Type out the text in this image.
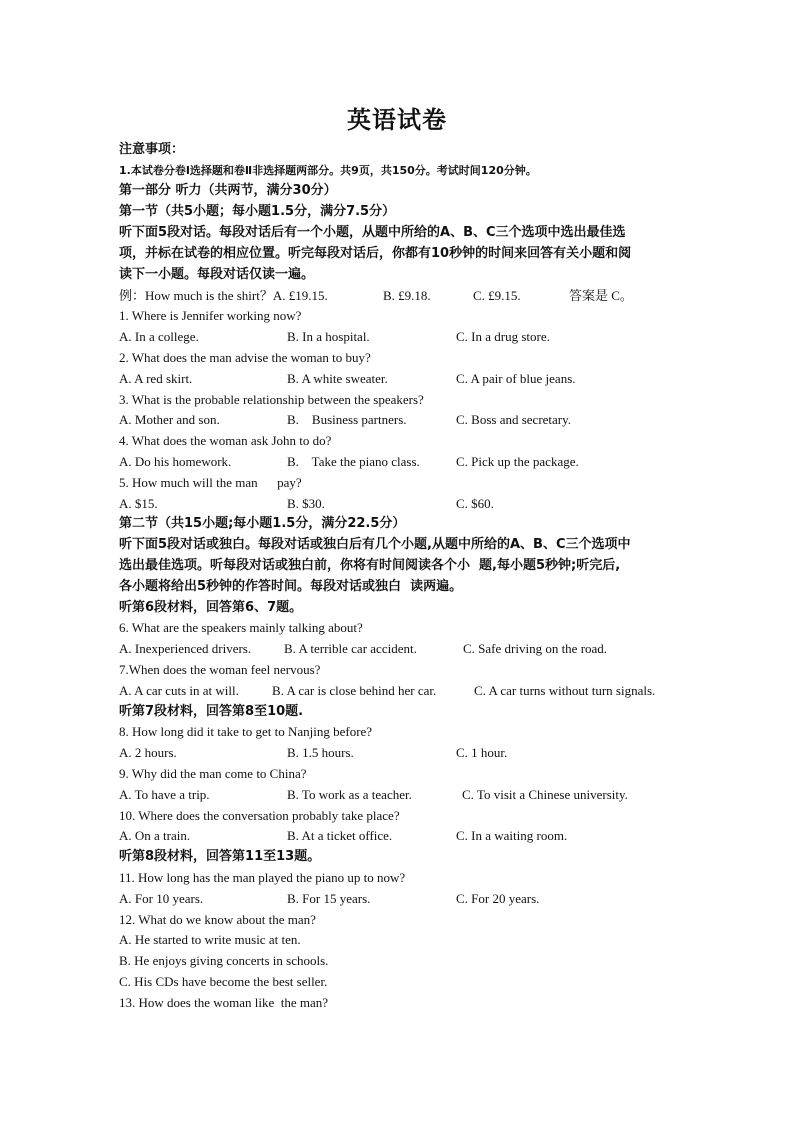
英语试卷
注意事项：
1.本试卷分卷Ⅰ选择题和卷Ⅱ非选择题两部分。共9页，共150分。考试时间120分钟。
第一部分 听力（共两节，满分30分）
第一节（共5小题；每小题1.5分，满分7.5分）
听下面5段对话。每段对话后有一个小题，从题中所给的A、B、C三个选项中选出最佳选
项，并标在试卷的相应位置。听完每段对话后，你都有10秒钟的时间来回答有关小题和阅
读下一小题。每段对话仅读一遍。
例：How much is the shirt？A. £19.15.	B. £9.18.	C. £9.15.	答案是 C。
1. Where is Jennifer working now?
A. In a college.	B. In a hospital.	C. In a drug store.
2. What does the man advise the woman to buy?
A. A red skirt.	B. A white sweater.	C. A pair of blue jeans.
3. What is the probable relationship between the speakers?
A. Mother and son.	B.    Business partners.	C. Boss and secretary.
4. What does the woman ask John to do?
A. Do his homework.	B.    Take the piano class.	C. Pick up the package.
5. How much will the man      pay?
A. $15.	B. $30.	C. $60.
第二节（共15小题;每小题1.5分，满分22.5分）
听下面5段对话或独白。每段对话或独白后有几个小题,从题中所给的A、B、C三个选项中
选出最佳选项。听每段对话或独白前，你将有时间阅读各个小  题,每小题5秒钟;听完后,
各小题将给出5秒钟的作答时间。每段对话或独白  读两遍。
听第6段材料，回答第6、7题。
6. What are the speakers mainly talking about?
A. Inexperienced drivers.	B. A terrible car accident.	C. Safe driving on the road.
7.When does the woman feel nervous?
A. A car cuts in at will.	B. A car is close behind her car.	C. A car turns without turn signals.
听第7段材料，回答第8至10题.
8. How long did it take to get to Nanjing before?
A. 2 hours.	B. 1.5 hours.	C. 1 hour.
9. Why did the man come to China?
A. To have a trip.	B. To work as a teacher.	C. To visit a Chinese university.
10. Where does the conversation probably take place?
A. On a train.	B. At a ticket office.	C. In a waiting room.
听第8段材料，回答第11至13题。
11. How long has the man played the piano up to now?
A. For 10 years.	B. For 15 years.	C. For 20 years.
12. What do we know about the man?
A. He started to write music at ten.
B. He enjoys giving concerts in schools.
C. His CDs have become the best seller.
13. How does the woman like  the man?
